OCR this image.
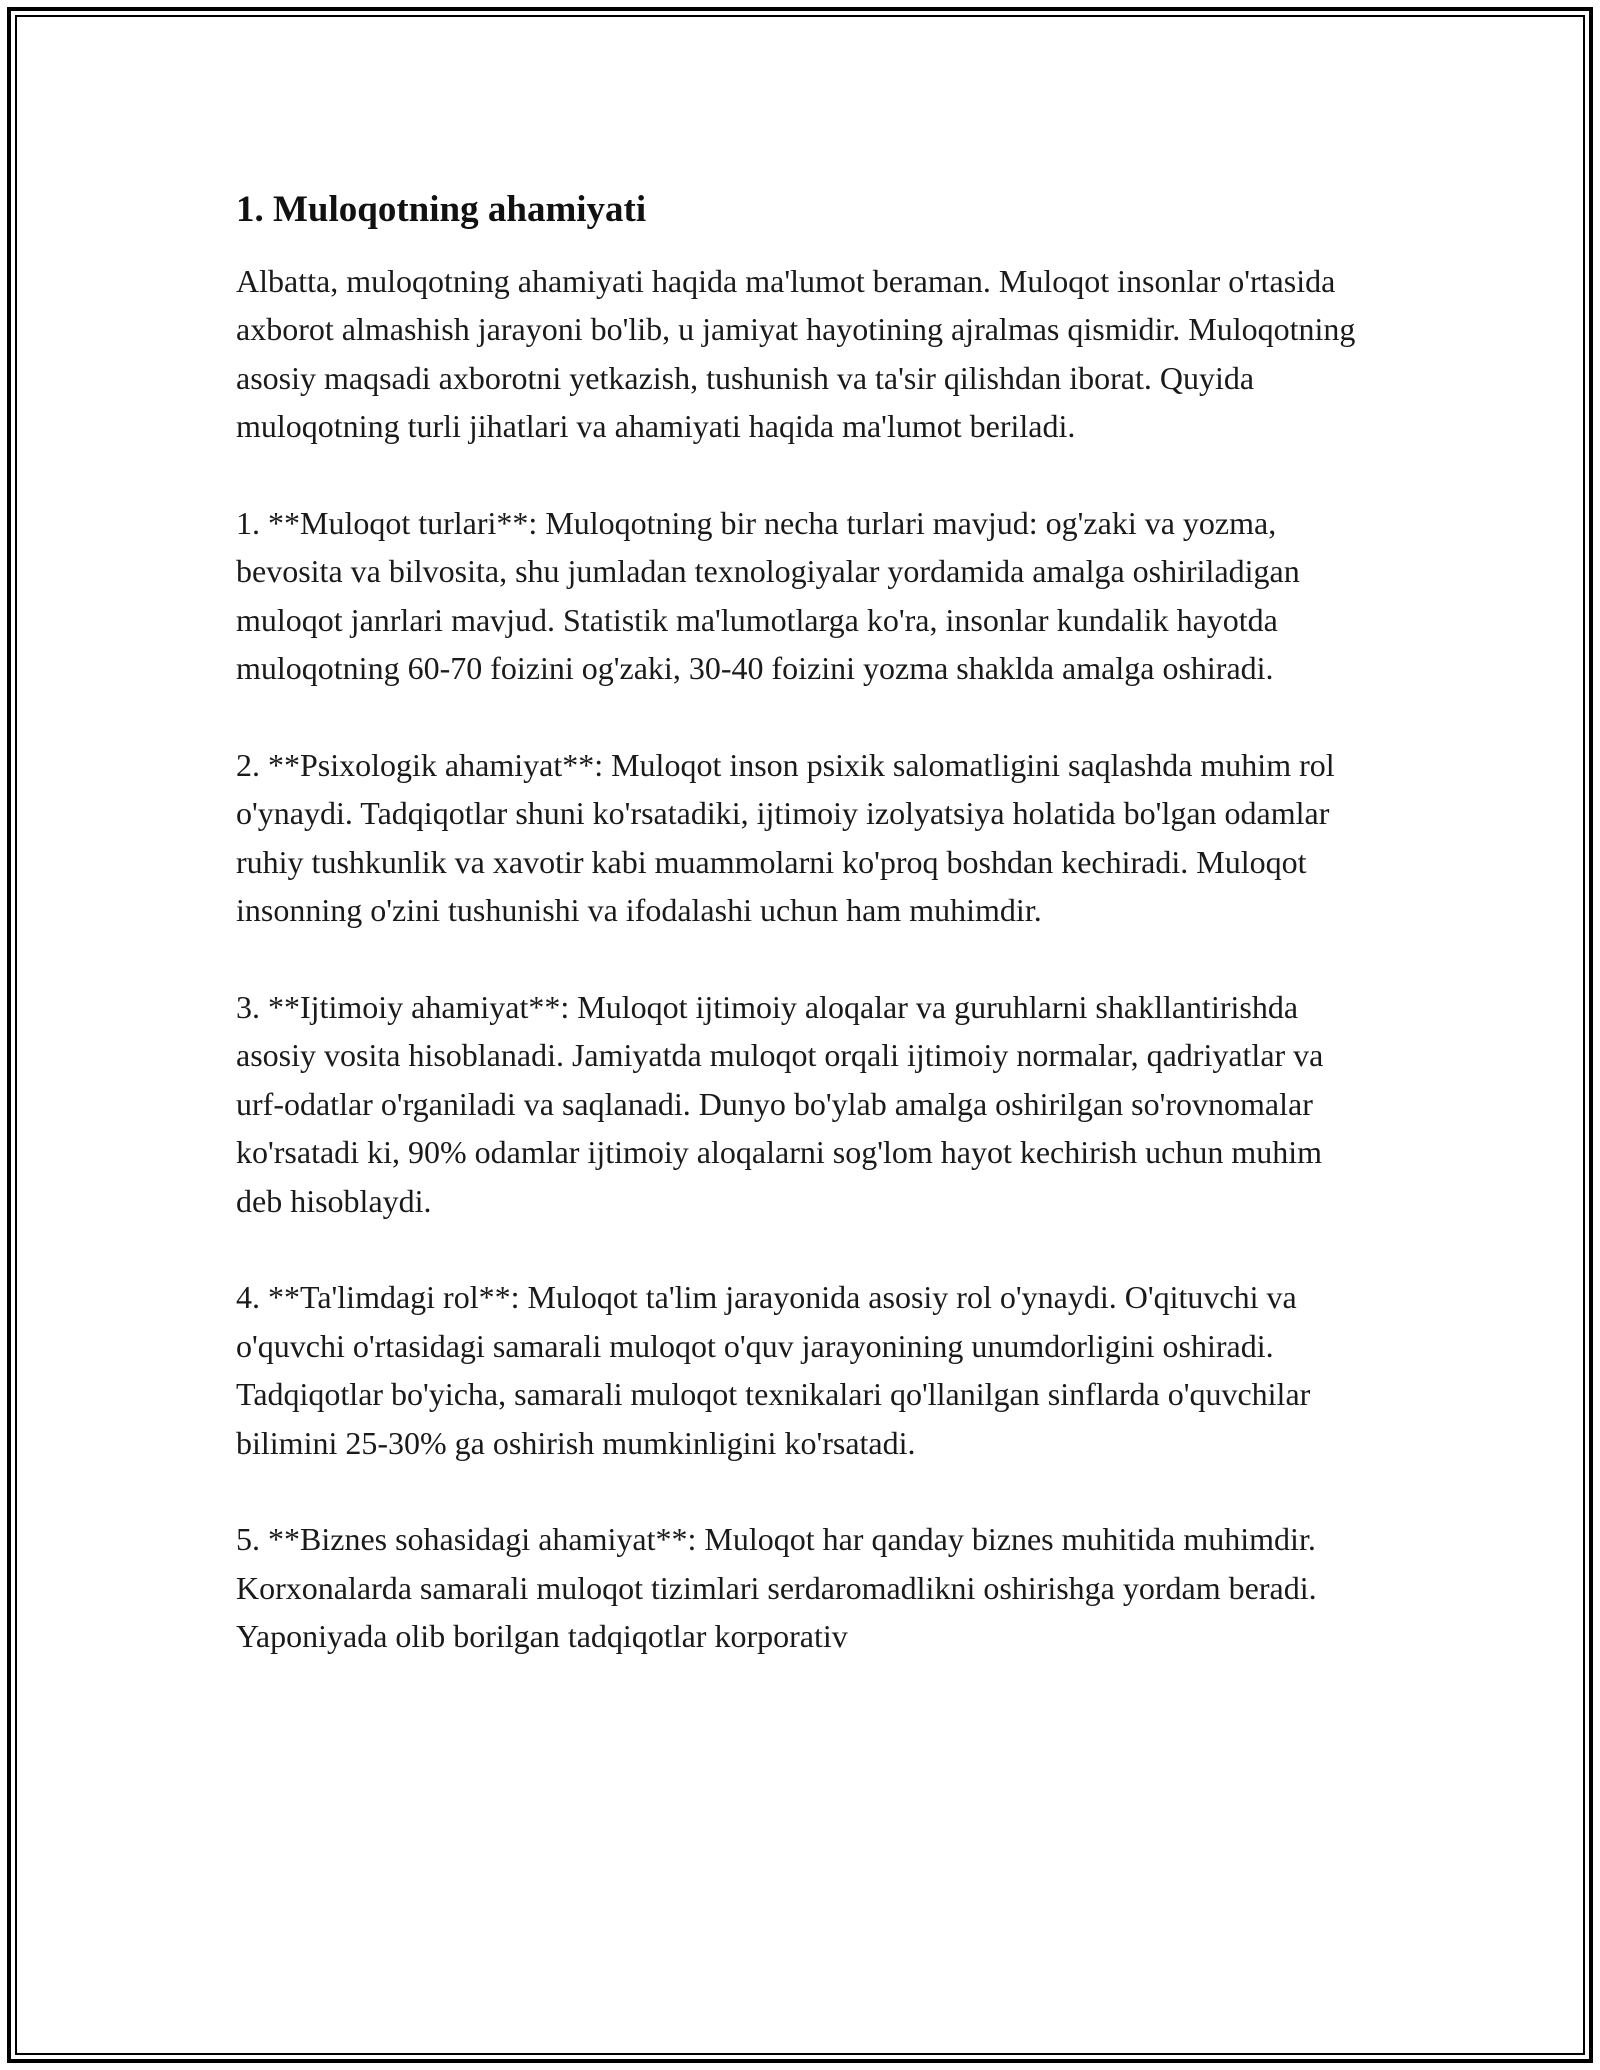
1. Muloqotning ahamiyati

Albatta, muloqotning ahamiyati haqida ma'lumot beraman. Muloqot insonlar o'rtasida axborot almashish jarayoni bo'lib, u jamiyat hayotining ajralmas qismidir. Muloqotning asosiy maqsadi axborotni yetkazish, tushunish va ta'sir qilishdan iborat. Quyida muloqotning turli jihatlari va ahamiyati haqida ma'lumot beriladi.

1. **Muloqot turlari**: Muloqotning bir necha turlari mavjud: og'zaki va yozma, bevosita va bilvosita, shu jumladan texnologiyalar yordamida amalga oshiriladigan muloqot janrlari mavjud. Statistik ma'lumotlarga ko'ra, insonlar kundalik hayotda muloqotning 60-70 foizini og'zaki, 30-40 foizini yozma shaklda amalga oshiradi.

2. **Psixologik ahamiyat**: Muloqot inson psixik salomatligini saqlashda muhim rol o'ynaydi. Tadqiqotlar shuni ko'rsatadiki, ijtimoiy izolyatsiya holatida bo'lgan odamlar ruhiy tushkunlik va xavotir kabi muammolarni ko'proq boshdan kechiradi. Muloqot insonning o'zini tushunishi va ifodalashi uchun ham muhimdir.

3. **Ijtimoiy ahamiyat**: Muloqot ijtimoiy aloqalar va guruhlarni shakllantirishda asosiy vosita hisoblanadi. Jamiyatda muloqot orqali ijtimoiy normalar, qadriyatlar va urf-odatlar o'rganiladi va saqlanadi. Dunyo bo'ylab amalga oshirilgan so'rovnomalar ko'rsatadi ki, 90% odamlar ijtimoiy aloqalarni sog'lom hayot kechirish uchun muhim deb hisoblaydi.

4. **Ta'limdagi rol**: Muloqot ta'lim jarayonida asosiy rol o'ynaydi. O'qituvchi va o'quvchi o'rtasidagi samarali muloqot o'quv jarayonining unumdorligini oshiradi. Tadqiqotlar bo'yicha, samarali muloqot texnikalari qo'llanilgan sinflarda o'quvchilar bilimini 25-30% ga oshirish mumkinligini ko'rsatadi.

5. **Biznes sohasidagi ahamiyat**: Muloqot har qanday biznes muhitida muhimdir. Korxonalarda samarali muloqot tizimlari serdaromadlikni oshirishga yordam beradi. Yaponiyada olib borilgan tadqiqotlar korporativ
